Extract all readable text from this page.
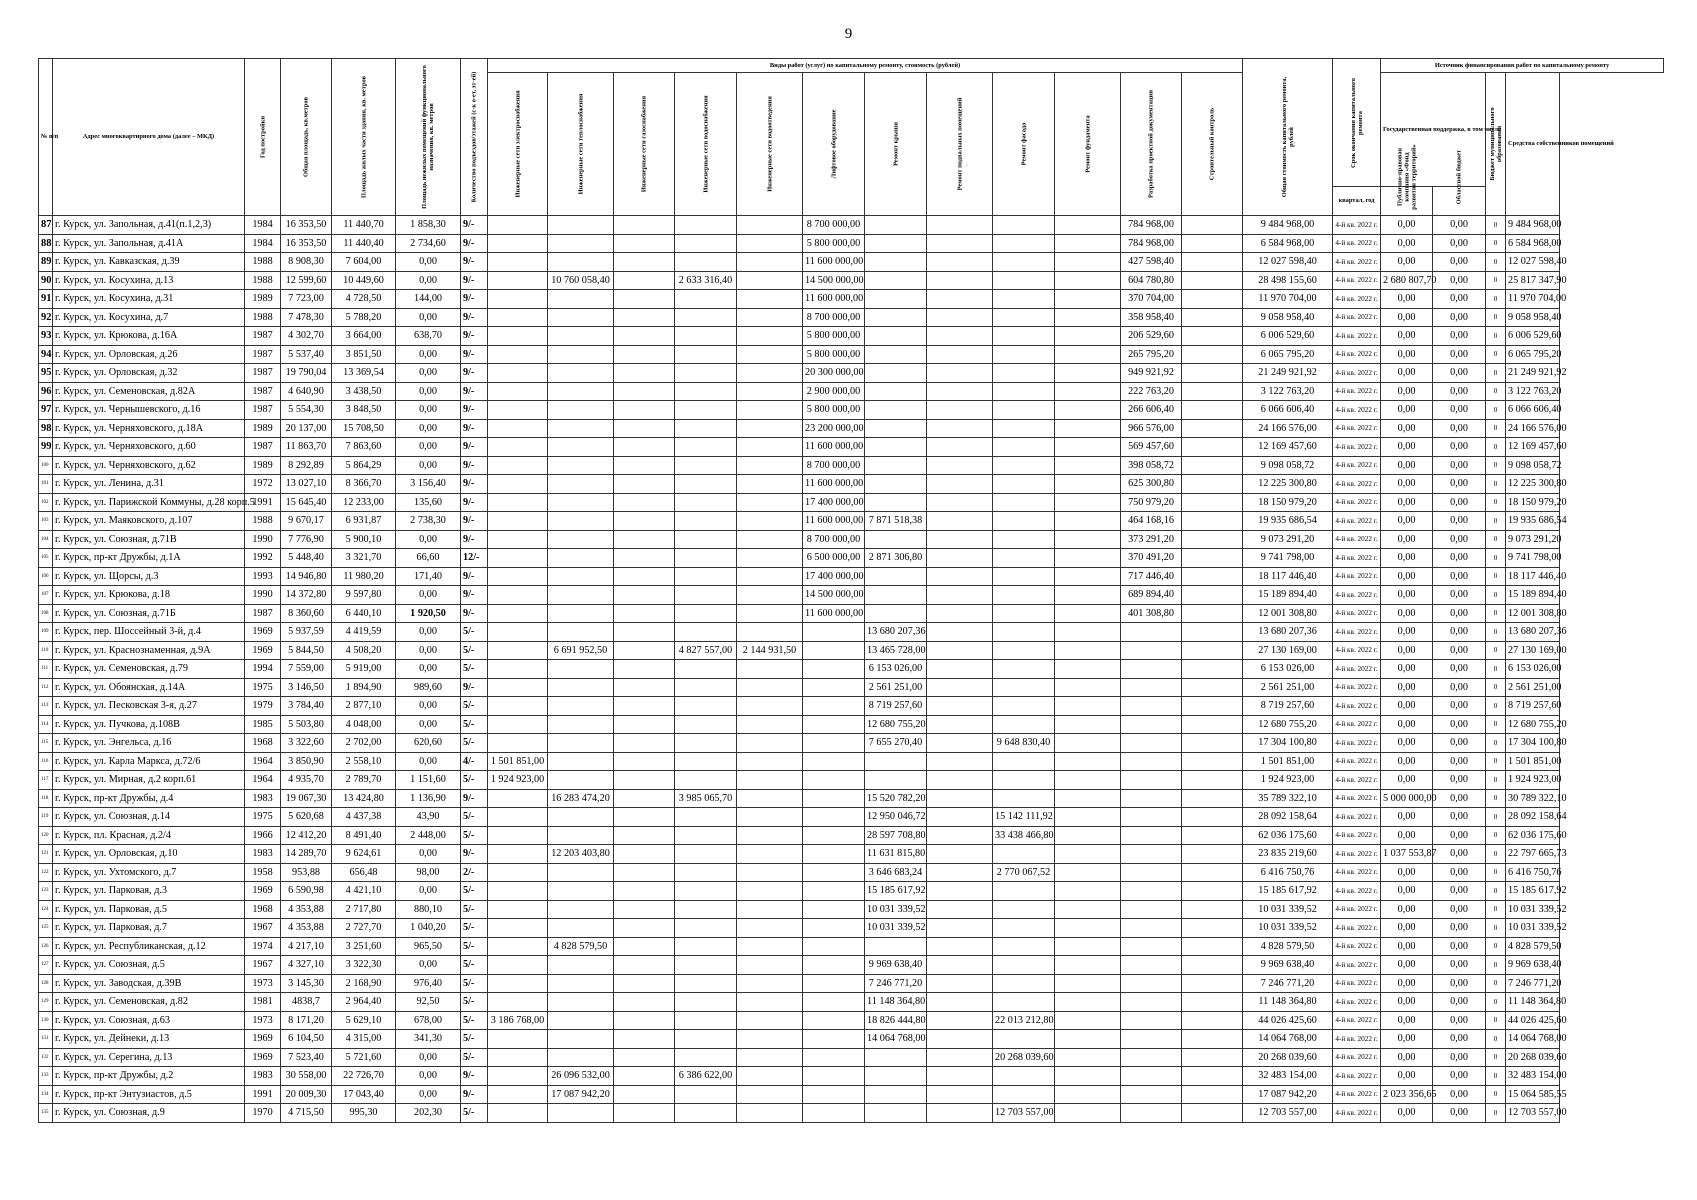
9
№ п/п	Адрес многоквартирного дома (далее – МКД)	Год постройки	Общая площадь, кв.метров	Площадь жилых части здания, кв. метров	Площадь нежилых помещений функционального назначения, кв. метров	Количество подъездов/этажей (с-к о-ет, эт-ей)	Виды работ (услуг) по капитальному ремонту, стоимость (рублей)												Общая стоимость капитального ремонта, рублей	Срок окончания капитального ремонта	Источник финансирования работ по капитальному ремонту			

							Инженерные сети электроснабжения	Инженерные сети теплоснабжения	Инженерные сети газоснабжения	Инженерные сети водоснабжения	Инженерные сети водоотведения	Лифтовое оборудование	Ремонт крыши	Ремонт подвальных помещений	Ремонт фасада	Ремонт фундамента	Разработка проектной документации	Строительный контроль			Государственная поддержка, в том числе		Бюджет муниципального образования	Средства собственников помещений
																				квартал, год	Публично-правовая компания «Фонд развития территорий»	Областной бюджет		

87	г. Курск, ул. Запольная, д.41(п.1,2,3)	1984	16 353,50	11 440,70	1 858,30	9/-						8 700 000,00					784 968,00		9 484 968,00	4-й кв. 2022 г.	0,00	0,00	0	9 484 968,00
88	г. Курск, ул. Запольная, д.41А	1984	16 353,50	11 440,40	2 734,60	9/-						5 800 000,00					784 968,00		6 584 968,00	4-й кв. 2022 г.	0,00	0,00	0	6 584 968,00
89	г. Курск, ул. Кавказская, д.39	1988	8 908,30	7 604,00	0,00	9/-						11 600 000,00					427 598,40		12 027 598,40	4-й кв. 2022 г.	0,00	0,00	0	12 027 598,40
90	г. Курск, ул. Косухина, д.13	1988	12 599,60	10 449,60	0,00	9/-		10 760 058,40		2 633 316,40		14 500 000,00					604 780,80		28 498 155,60	4-й кв. 2022 г.	2 680 807,70	0,00	0	25 817 347,90
91	г. Курск, ул. Косухина, д.31	1989	7 723,00	4 728,50	144,00	9/-						11 600 000,00					370 704,00		11 970 704,00	4-й кв. 2022 г.	0,00	0,00	0	11 970 704,00
92	г. Курск, ул. Косухина, д.7	1988	7 478,30	5 788,20	0,00	9/-						8 700 000,00					358 958,40		9 058 958,40	4-й кв. 2022 г.	0,00	0,00	0	9 058 958,40
93	г. Курск, ул. Крюкова, д.16А	1987	4 302,70	3 664,00	638,70	9/-						5 800 000,00					206 529,60		6 006 529,60	4-й кв. 2022 г.	0,00	0,00	0	6 006 529,60
94	г. Курск, ул. Орловская, д.26	1987	5 537,40	3 851,50	0,00	9/-						5 800 000,00					265 795,20		6 065 795,20	4-й кв. 2022 г.	0,00	0,00	0	6 065 795,20
95	г. Курск, ул. Орловская, д.32	1987	19 790,04	13 369,54	0,00	9/-						20 300 000,00					949 921,92		21 249 921,92	4-й кв. 2022 г.	0,00	0,00	0	21 249 921,92
96	г. Курск, ул. Семеновская, д.82А	1987	4 640,90	3 438,50	0,00	9/-						2 900 000,00					222 763,20		3 122 763,20	4-й кв. 2022 г.	0,00	0,00	0	3 122 763,20
97	г. Курск, ул. Чернышевского, д.16	1987	5 554,30	3 848,50	0,00	9/-						5 800 000,00					266 606,40		6 066 606,40	4-й кв. 2022 г.	0,00	0,00	0	6 066 606,40
98	г. Курск, ул. Черняховского, д.18А	1989	20 137,00	15 708,50	0,00	9/-						23 200 000,00					966 576,00		24 166 576,00	4-й кв. 2022 г.	0,00	0,00	0	24 166 576,00
99	г. Курск, ул. Черняховского, д.60	1987	11 863,70	7 863,60	0,00	9/-						11 600 000,00					569 457,60		12 169 457,60	4-й кв. 2022 г.	0,00	0,00	0	12 169 457,60
100	г. Курск, ул. Черняховского, д.62	1989	8 292,89	5 864,29	0,00	9/-						8 700 000,00					398 058,72		9 098 058,72	4-й кв. 2022 г.	0,00	0,00	0	9 098 058,72
101	г. Курск, ул. Ленина, д.31	1972	13 027,10	8 366,70	3 156,40	9/-						11 600 000,00					625 300,80		12 225 300,80	4-й кв. 2022 г.	0,00	0,00	0	12 225 300,80
102	г. Курск, ул. Парижской Коммуны, д.28 корп.5	1991	15 645,40	12 233,00	135,60	9/-						17 400 000,00					750 979,20		18 150 979,20	4-й кв. 2022 г.	0,00	0,00	0	18 150 979,20
103	г. Курск, ул. Маяковского, д.107	1988	9 670,17	6 931,87	2 738,30	9/-						11 600 000,00	7 871 518,38				464 168,16		19 935 686,54	4-й кв. 2022 г.	0,00	0,00	0	19 935 686,54
104	г. Курск, ул. Союзная, д.71В	1990	7 776,90	5 900,10	0,00	9/-						8 700 000,00					373 291,20		9 073 291,20	4-й кв. 2022 г.	0,00	0,00	0	9 073 291,20
105	г. Курск, пр-кт Дружбы, д.1А	1992	5 448,40	3 321,70	66,60	12/-						6 500 000,00	2 871 306,80				370 491,20		9 741 798,00	4-й кв. 2022 г.	0,00	0,00	0	9 741 798,00
106	г. Курск, ул. Щорсы, д.3	1993	14 946,80	11 980,20	171,40	9/-						17 400 000,00					717 446,40		18 117 446,40	4-й кв. 2022 г.	0,00	0,00	0	18 117 446,40
107	г. Курск, ул. Крюкова, д.18	1990	14 372,80	9 597,80	0,00	9/-						14 500 000,00					689 894,40		15 189 894,40	4-й кв. 2022 г.	0,00	0,00	0	15 189 894,40
108	г. Курск, ул. Союзная, д.71Б	1987	8 360,60	6 440,10	1 920,50	9/-						11 600 000,00					401 308,80		12 001 308,80	4-й кв. 2022 г.	0,00	0,00	0	12 001 308,80
109	г. Курск, пер. Шоссейный 3-й, д.4	1969	5 937,59	4 419,59	0,00	5/-							13 680 207,36						13 680 207,36	4-й кв. 2022 г.	0,00	0,00	0	13 680 207,36
110	г. Курск, ул. Краснознаменная, д.9А	1969	5 844,50	4 508,20	0,00	5/-		6 691 952,50		4 827 557,00	2 144 931,50		13 465 728,00						27 130 169,00	4-й кв. 2022 г.	0,00	0,00	0	27 130 169,00
111	г. Курск, ул. Семеновская, д.79	1994	7 559,00	5 919,00	0,00	5/-							6 153 026,00						6 153 026,00	4-й кв. 2022 г.	0,00	0,00	0	6 153 026,00
112	г. Курск, ул. Обоянская, д.14А	1975	3 146,50	1 894,90	989,60	9/-							2 561 251,00						2 561 251,00	4-й кв. 2022 г.	0,00	0,00	0	2 561 251,00
113	г. Курск, ул. Песковская 3-я, д.27	1979	3 784,40	2 877,10	0,00	5/-							8 719 257,60						8 719 257,60	4-й кв. 2022 г.	0,00	0,00	0	8 719 257,60
114	г. Курск, ул. Пучкова, д.108В	1985	5 503,80	4 048,00	0,00	5/-							12 680 755,20						12 680 755,20	4-й кв. 2022 г.	0,00	0,00	0	12 680 755,20
115	г. Курск, ул. Энгельса, д.16	1968	3 322,60	2 702,00	620,60	5/-							7 655 270,40		9 648 830,40				17 304 100,80	4-й кв. 2022 г.	0,00	0,00	0	17 304 100,80
116	г. Курск, ул. Карла Маркса, д.72/6	1964	3 850,90	2 558,10	0,00	4/-	1 501 851,00												1 501 851,00	4-й кв. 2022 г.	0,00	0,00	0	1 501 851,00
117	г. Курск, ул. Мирная, д.2 корп.61	1964	4 935,70	2 789,70	1 151,60	5/-	1 924 923,00												1 924 923,00	4-й кв. 2022 г.	0,00	0,00	0	1 924 923,00
118	г. Курск, пр-кт Дружбы, д.4	1983	19 067,30	13 424,80	1 136,90	9/-		16 283 474,20		3 985 065,70			15 520 782,20						35 789 322,10	4-й кв. 2022 г.	5 000 000,00	0,00	0	30 789 322,10
119	г. Курск, ул. Союзная, д.14	1975	5 620,68	4 437,38	43,90	5/-							12 950 046,72		15 142 111,92				28 092 158,64	4-й кв. 2022 г.	0,00	0,00	0	28 092 158,64
120	г. Курск, пл. Красная, д.2/4	1966	12 412,20	8 491,40	2 448,00	5/-							28 597 708,80		33 438 466,80				62 036 175,60	4-й кв. 2022 г.	0,00	0,00	0	62 036 175,60
121	г. Курск, ул. Орловская, д.10	1983	14 289,70	9 624,61	0,00	9/-		12 203 403,80					11 631 815,80						23 835 219,60	4-й кв. 2022 г.	1 037 553,87	0,00	0	22 797 665,73
122	г. Курск, ул. Ухтомского, д.7	1958	953,88	656,48	98,00	2/-							3 646 683,24		2 770 067,52				6 416 750,76	4-й кв. 2022 г.	0,00	0,00	0	6 416 750,76
123	г. Курск, ул. Парковая, д.3	1969	6 590,98	4 421,10	0,00	5/-							15 185 617,92						15 185 617,92	4-й кв. 2022 г.	0,00	0,00	0	15 185 617,92
124	г. Курск, ул. Парковая, д.5	1968	4 353,88	2 717,80	880,10	5/-							10 031 339,52						10 031 339,52	4-й кв. 2022 г.	0,00	0,00	0	10 031 339,52
125	г. Курск, ул. Парковая, д.7	1967	4 353,88	2 727,70	1 040,20	5/-							10 031 339,52						10 031 339,52	4-й кв. 2022 г.	0,00	0,00	0	10 031 339,52
126	г. Курск, ул. Республиканская, д.12	1974	4 217,10	3 251,60	965,50	5/-		4 828 579,50											4 828 579,50	4-й кв. 2022 г.	0,00	0,00	0	4 828 579,50
127	г. Курск, ул. Союзная, д.5	1967	4 327,10	3 322,30	0,00	5/-							9 969 638,40						9 969 638,40	4-й кв. 2022 г.	0,00	0,00	0	9 969 638,40
128	г. Курск, ул. Заводская, д.39В	1973	3 145,30	2 168,90	976,40	5/-							7 246 771,20						7 246 771,20	4-й кв. 2022 г.	0,00	0,00	0	7 246 771,20
129	г. Курск, ул. Семеновская, д.82	1981	4838,7	2 964,40	92,50	5/-							11 148 364,80						11 148 364,80	4-й кв. 2022 г.	0,00	0,00	0	11 148 364,80
130	г. Курск, ул. Союзная, д.63	1973	8 171,20	5 629,10	678,00	5/-	3 186 768,00						18 826 444,80		22 013 212,80				44 026 425,60	4-й кв. 2022 г.	0,00	0,00	0	44 026 425,60
131	г. Курск, ул. Дейнеки, д.13	1969	6 104,50	4 315,00	341,30	5/-							14 064 768,00						14 064 768,00	4-й кв. 2022 г.	0,00	0,00	0	14 064 768,00
132	г. Курск, ул. Серегина, д.13	1969	7 523,40	5 721,60	0,00	5/-									20 268 039,60				20 268 039,60	4-й кв. 2022 г.	0,00	0,00	0	20 268 039,60
133	г. Курск, пр-кт Дружбы, д.2	1983	30 558,00	22 726,70	0,00	9/-		26 096 532,00		6 386 622,00									32 483 154,00	4-й кв. 2022 г.	0,00	0,00	0	32 483 154,00
134	г. Курск, пр-кт Энтузиастов, д.5	1991	20 009,30	17 043,40	0,00	9/-		17 087 942,20											17 087 942,20	4-й кв. 2022 г.	2 023 356,65	0,00	0	15 064 585,55
135	г. Курск, ул. Союзная, д.9	1970	4 715,50	995,30	202,30	5/-									12 703 557,00				12 703 557,00	4-й кв. 2022 г.	0,00	0,00	0	12 703 557,00
